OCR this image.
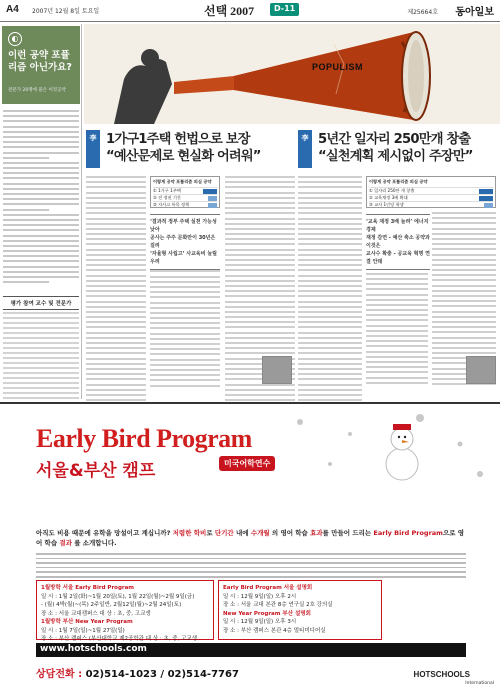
A4 2007년 12월 8일 토요일	선택 2007	D-11	제25664호 동아일보
◐
이런 공약 포퓰리즘 아닌가요?
전문가 20명에 물은 이것공약
평가 참여 교수 및 전문가
POPULISM
李 1가구1주택 헌법으로 보장
“예산문제로 현실화 어려워”
李 5년간 일자리 250만개 창출
“실천계획 제시없이 주장만”
이렇게 공약 포퓰리즘 의심 공약
① 1가구 1주택
② 전 정권 기간
③ 자사고 특목 정책
‘결과적 정부 주택 실천 가능성 낮아
공사는 주주 문화만이 30년은 걸려
‘자율형 사립고’ 사교육비 늘릴 우려
이렇게 공약 포퓰리즘 의심 공약
① 일자리 250만 개 창출
② 교육재정 3배 확대
③ 교사 1인당 학생
‘교육 재정 3배 늘려’ 에너지 경제
재정 감면 - 예산 축소 공약과 이것은
교사수 확충 - 공교육 혁명 연결 안돼
Early Bird Program
서울&부산 캠프	미국어학연수
아직도 비용 때문에 유학을 망설이고 계십니까? 저렴한 학비로 단기간 내에 수개월 의 영어 학습 효과를 만들어 드리는 Early Bird Program으로 영어 학습 결과 를 소개합니다.
1월방학 서울 Early Bird Program
일 시 : 1월 2일(화)~1월 20일(토), 1월 22일(월)~2월 9일(금)
- (월) 4박(월)~(목) 2주일반, 2월12일(월)~2월 24일(토)
장 소 : 서울 교대캠퍼스 대 상 : 초, 중, 고교생
1월방학 부산 New Year Program
일 시 : 1월 7일(일)~1월 27일(일)
장 소 : 부산 캠퍼스 (부산대학교 제2공학관 대 상 : 초, 중, 고교생
Early Bird Program 서울 설명회
일 시 : 12월 9일(일) 오후 2시
장 소 : 서울 교대 본관 8층 연구실 2호 강의실
New Year Program 부산 설명회
일 시 : 12월 9일(일) 오후 3시
장 소 : 부산 캠퍼스 본관 4층 멀티미디어실
www.hotschools.com
상담전화 : 02)514-1023 / 02)514-7767	HOTSCHOOLS
International
